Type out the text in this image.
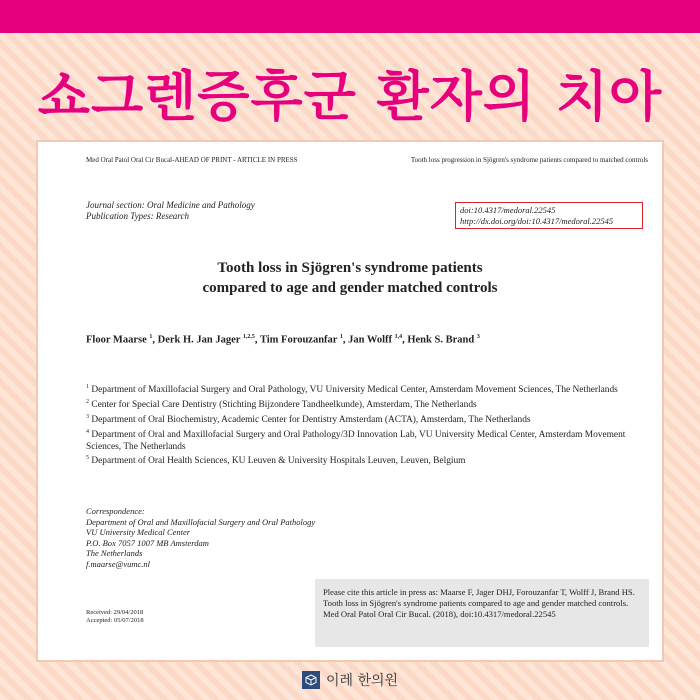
쇼그렌증후군 환자의 치아
Med Oral Patol Oral Cir Bucal-AHEAD OF PRINT - ARTICLE IN PRESS	Tooth loss progression in Sjögren's syndrome patients compared to matched controls
Journal section: Oral Medicine and Pathology
Publication Types: Research
doi:10.4317/medoral.22545
http://dx.doi.org/doi:10.4317/medoral.22545
Tooth loss in Sjögren's syndrome patients
compared to age and gender matched controls
Floor Maarse $^1$, Derk H. Jan Jager $^{1,2,5}$, Tim Forouzanfar $^1$, Jan Wolff $^{1,4}$, Henk S. Brand $^3$
$^1$ Department of Maxillofacial Surgery and Oral Pathology, VU University Medical Center, Amsterdam Movement Sciences, The Netherlands
$^2$ Center for Special Care Dentistry (Stichting Bijzondere Tandheelkunde), Amsterdam, The Netherlands
$^3$ Department of Oral Biochemistry, Academic Center for Dentistry Amsterdam (ACTA), Amsterdam, The Netherlands
$^4$ Department of Oral and Maxillofacial Surgery and Oral Pathology/3D Innovation Lab, VU University Medical Center, Amsterdam Movement Sciences, The Netherlands
$^5$ Department of Oral Health Sciences, KU Leuven & University Hospitals Leuven, Leuven, Belgium
Correspondence:
Department of Oral and Maxillofacial Surgery and Oral Pathology
VU University Medical Center
P.O. Box 7057 1007 MB Amsterdam
The Netherlands
f.maarse@vumc.nl
Received: 29/04/2018
Accepted: 05/07/2018
Please cite this article in press as: Maarse F, Jager DHJ, Forouzanfar T, Wolff J, Brand HS. Tooth loss in Sjögren's syndrome patients compared to age and gender matched controls. Med Oral Patol Oral Cir Bucal. (2018), doi:10.4317/medoral.22545
이레 한의원
